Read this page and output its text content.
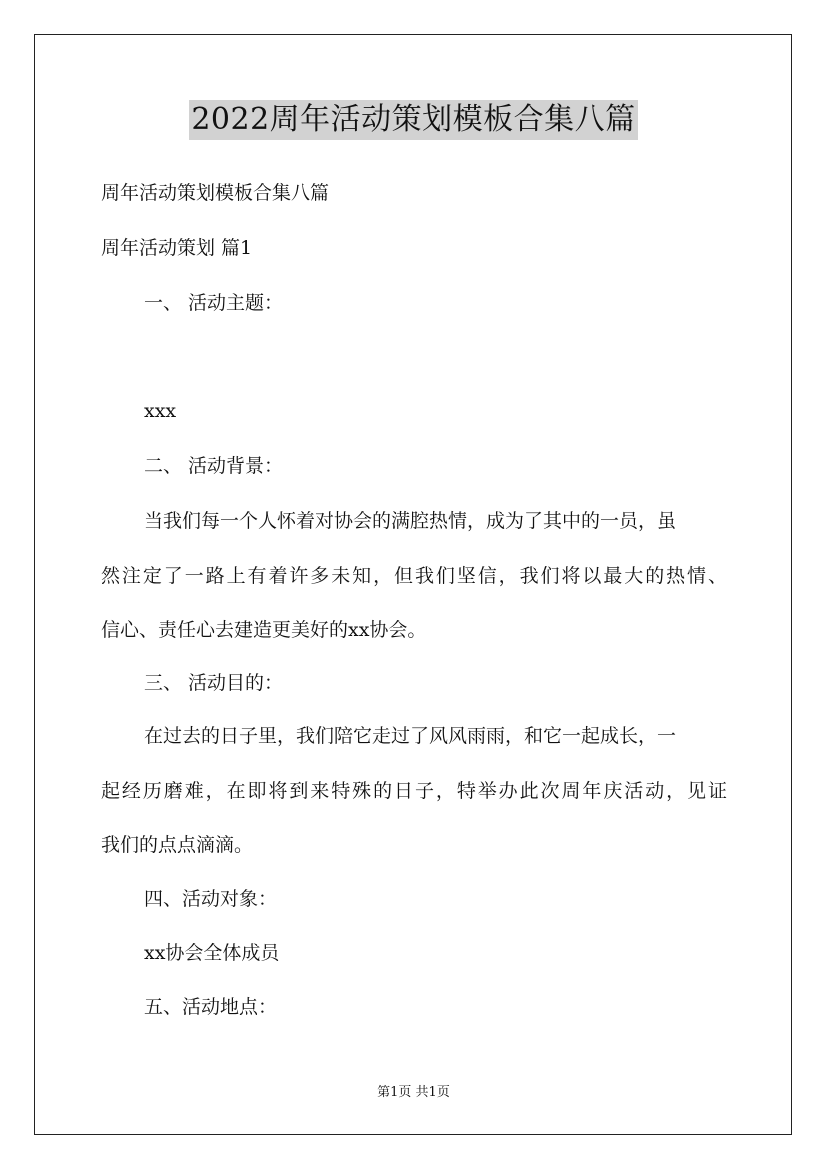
2022周年活动策划模板合集八篇
周年活动策划模板合集八篇
周年活动策划 篇1
一、 活动主题：
xxx
二、 活动背景：
当我们每一个人怀着对协会的满腔热情，成为了其中的一员，虽
然注定了一路上有着许多未知，但我们坚信，我们将以最大的热情、
信心、责任心去建造更美好的xx协会。
三、 活动目的：
在过去的日子里，我们陪它走过了风风雨雨，和它一起成长，一
起经历磨难，在即将到来特殊的日子，特举办此次周年庆活动，见证
我们的点点滴滴。
四、活动对象：
xx协会全体成员
五、活动地点：
第1页 共1页
